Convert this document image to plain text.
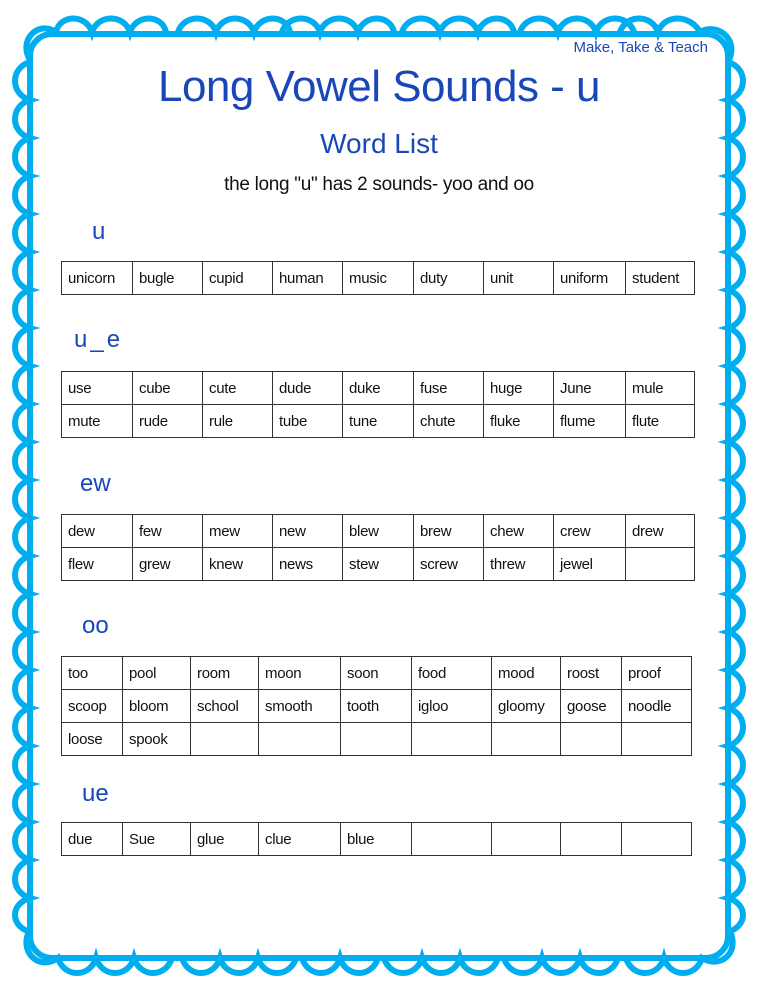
Make, Take & Teach
Long Vowel Sounds - u
Word List
the long "u" has 2 sounds- yoo and oo
u
u_e
ew
oo
ue
unicorn	bugle	cupid	human	music	duty	unit	uniform	student
use	cube	cute	dude	duke	fuse	huge	June	mule
mute	rude	rule	tube	tune	chute	fluke	flume	flute
dew	few	mew	new	blew	brew	chew	crew	drew
flew	grew	knew	news	stew	screw	threw	jewel	
too	pool	room	moon	soon	food	mood	roost	proof
scoop	bloom	school	smooth	tooth	igloo	gloomy	goose	noodle
loose	spook							
due	Sue	glue	clue	blue				
